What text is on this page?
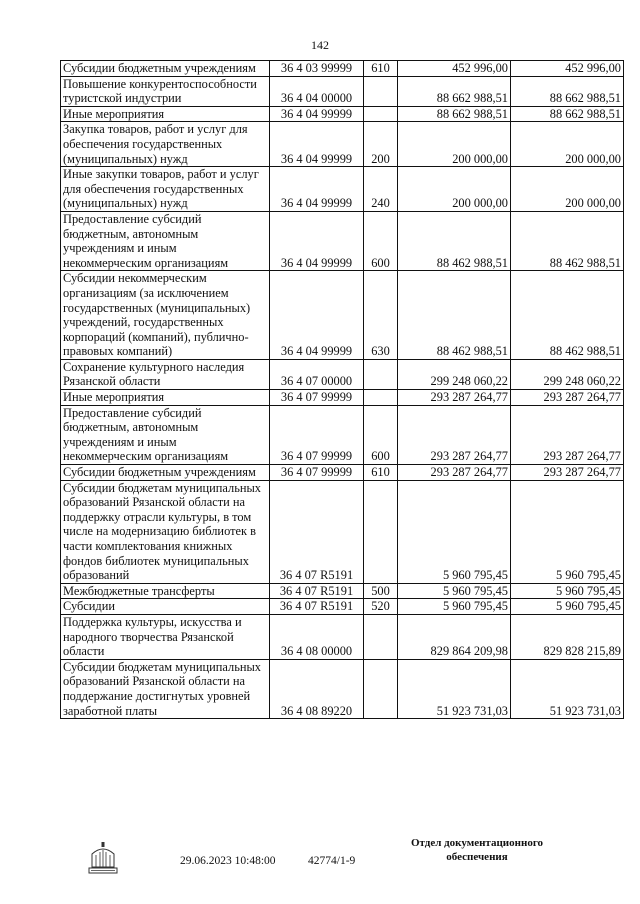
142
Субсидии бюджетным учреждениям	36 4 03 99999	610	452 996,00	452 996,00
Повышение конкурентоспособности туристской индустрии	36 4 04 00000		88 662 988,51	88 662 988,51
Иные мероприятия	36 4 04 99999		88 662 988,51	88 662 988,51
Закупка товаров, работ и услуг для обеспечения государственных (муниципальных) нужд	36 4 04 99999	200	200 000,00	200 000,00
Иные закупки товаров, работ и услуг для обеспечения государственных (муниципальных) нужд	36 4 04 99999	240	200 000,00	200 000,00
Предоставление субсидий бюджетным, автономным учреждениям и иным некоммерческим организациям	36 4 04 99999	600	88 462 988,51	88 462 988,51
Субсидии некоммерческим организациям (за исключением государственных (муниципальных) учреждений, государственных корпораций (компаний), публично-правовых компаний)	36 4 04 99999	630	88 462 988,51	88 462 988,51
Сохранение культурного наследия Рязанской области	36 4 07 00000		299 248 060,22	299 248 060,22
Иные мероприятия	36 4 07 99999		293 287 264,77	293 287 264,77
Предоставление субсидий бюджетным, автономным учреждениям и иным некоммерческим организациям	36 4 07 99999	600	293 287 264,77	293 287 264,77
Субсидии бюджетным учреждениям	36 4 07 99999	610	293 287 264,77	293 287 264,77
Субсидии бюджетам муниципальных образований Рязанской области на поддержку отрасли культуры, в том числе на модернизацию библиотек в части комплектования книжных фондов библиотек муниципальных образований	36 4 07 R5191		5 960 795,45	5 960 795,45
Межбюджетные трансферты	36 4 07 R5191	500	5 960 795,45	5 960 795,45
Субсидии	36 4 07 R5191	520	5 960 795,45	5 960 795,45
Поддержка культуры, искусства и народного творчества Рязанской области	36 4 08 00000		829 864 209,98	829 828 215,89
Субсидии бюджетам муниципальных образований Рязанской области на поддержание достигнутых уровней заработной платы	36 4 08 89220		51 923 731,03	51 923 731,03
29.06.2023 10:48:00	42774/1-9
Отдел документационного
обеспечения
